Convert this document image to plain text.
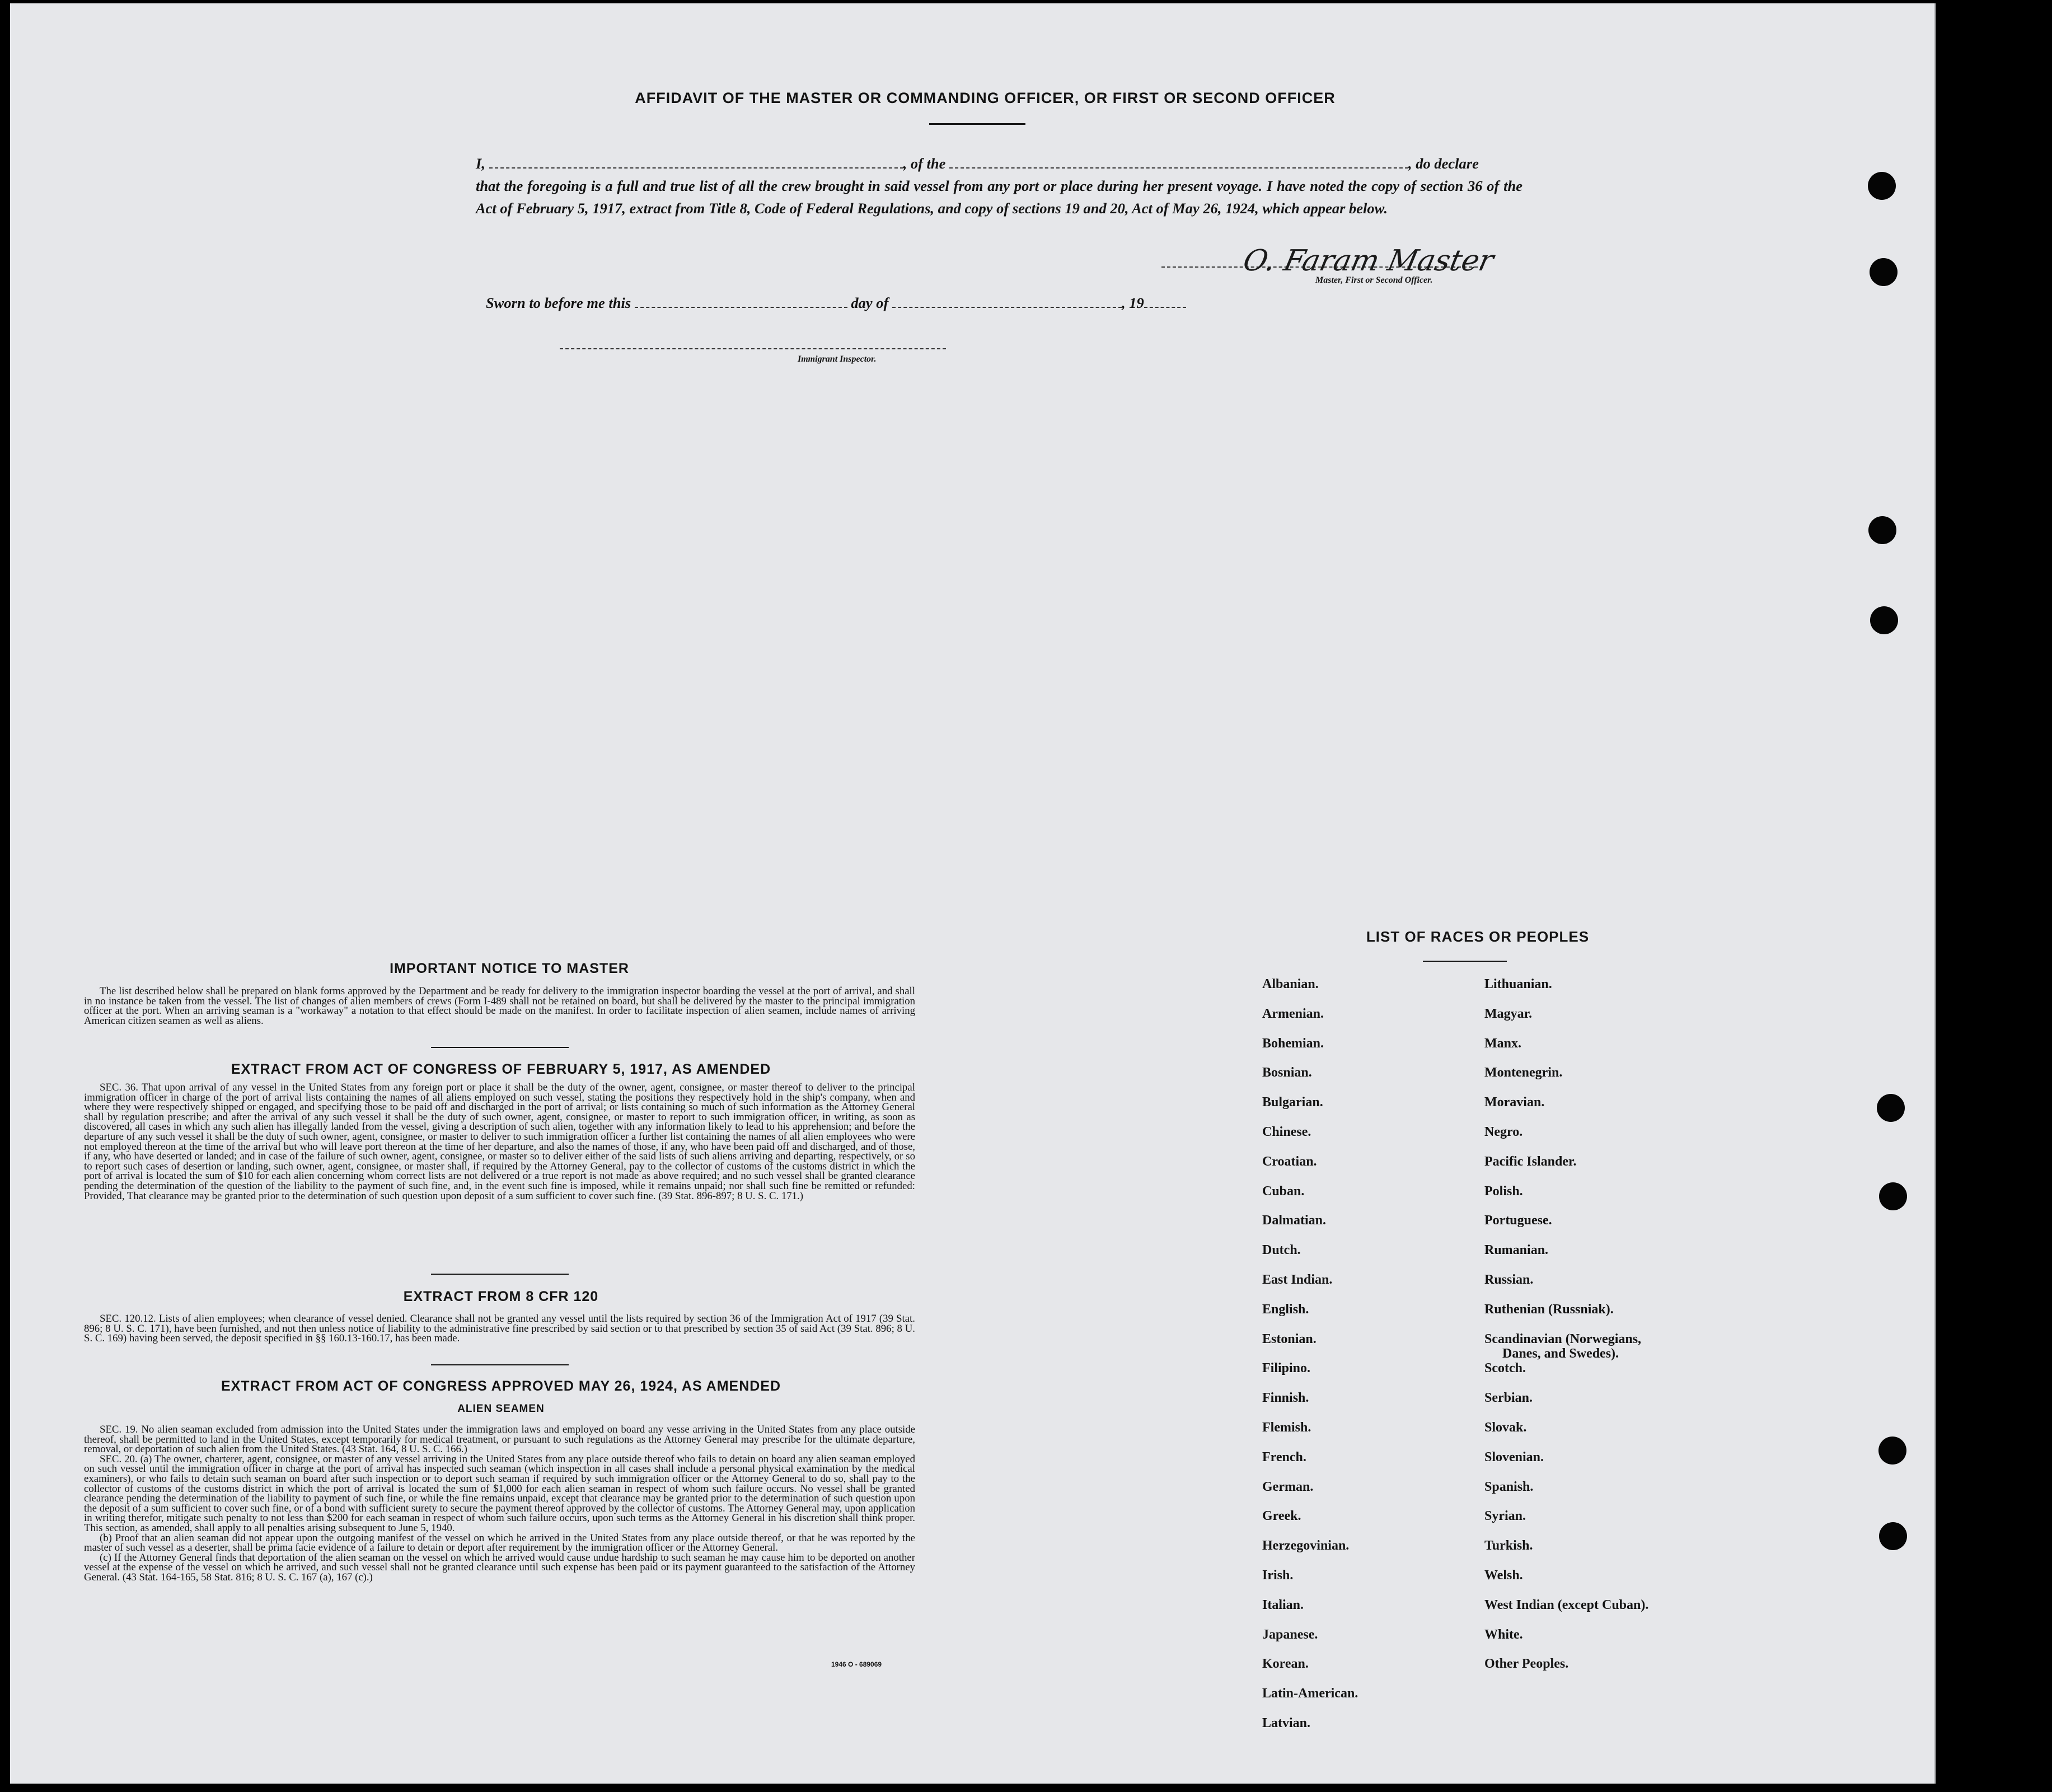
AFFIDAVIT OF THE MASTER OR COMMANDING OFFICER, OR FIRST OR SECOND OFFICER

I,	, of the	, do declare

that the foregoing is a full and true list of all the crew brought in said vessel from any port or place during her present voyage. I have noted the copy of section 36 of the Act of February 5, 1917, extract from Title 8, Code of Federal Regulations, and copy of sections 19 and 20, Act of May 26, 1924, which appear below.

O. Faram Master
Master, First or Second Officer.
Sworn to before me this	day of	, 19
Immigrant Inspector.
IMPORTANT NOTICE TO MASTER

The list described below shall be prepared on blank forms approved by the Department and be ready for delivery to the immigration inspector boarding the vessel at the port of arrival, and shall in no instance be taken from the vessel. The list of changes of alien members of crews (Form I-489 shall not be retained on board, but shall be delivered by the master to the principal immigration officer at the port. When an arriving seaman is a "workaway" a notation to that effect should be made on the manifest. In order to facilitate inspection of alien seamen, include names of arriving American citizen seamen as well as aliens.

EXTRACT FROM ACT OF CONGRESS OF FEBRUARY 5, 1917, AS AMENDED

SEC. 36. That upon arrival of any vessel in the United States from any foreign port or place it shall be the duty of the owner, agent, consignee, or master thereof to deliver to the principal immigration officer in charge of the port of arrival lists containing the names of all aliens employed on such vessel, stating the positions they respectively hold in the ship's company, when and where they were respectively shipped or engaged, and specifying those to be paid off and discharged in the port of arrival; or lists containing so much of such information as the Attorney General shall by regulation prescribe; and after the arrival of any such vessel it shall be the duty of such owner, agent, consignee, or master to report to such immigration officer, in writing, as soon as discovered, all cases in which any such alien has illegally landed from the vessel, giving a description of such alien, together with any information likely to lead to his apprehension; and before the departure of any such vessel it shall be the duty of such owner, agent, consignee, or master to deliver to such immigration officer a further list containing the names of all alien employees who were not employed thereon at the time of the arrival but who will leave port thereon at the time of her departure, and also the names of those, if any, who have been paid off and discharged, and of those, if any, who have deserted or landed; and in case of the failure of such owner, agent, consignee, or master so to deliver either of the said lists of such aliens arriving and departing, respectively, or so to report such cases of desertion or landing, such owner, agent, consignee, or master shall, if required by the Attorney General, pay to the collector of customs of the customs district in which the port of arrival is located the sum of $10 for each alien concerning whom correct lists are not delivered or a true report is not made as above required; and no such vessel shall be granted clearance pending the determination of the question of the liability to the payment of such fine, and, in the event such fine is imposed, while it remains unpaid; nor shall such fine be remitted or refunded: Provided, That clearance may be granted prior to the determination of such question upon deposit of a sum sufficient to cover such fine. (39 Stat. 896-897; 8 U. S. C. 171.)

EXTRACT FROM 8 CFR 120

SEC. 120.12. Lists of alien employees; when clearance of vessel denied. Clearance shall not be granted any vessel until the lists required by section 36 of the Immigration Act of 1917 (39 Stat. 896; 8 U. S. C. 171), have been furnished, and not then unless notice of liability to the administrative fine prescribed by said section or to that prescribed by section 35 of said Act (39 Stat. 896; 8 U. S. C. 169) having been served, the deposit specified in §§ 160.13-160.17, has been made.

EXTRACT FROM ACT OF CONGRESS APPROVED MAY 26, 1924, AS AMENDED
ALIEN SEAMEN

SEC. 19. No alien seaman excluded from admission into the United States under the immigration laws and employed on board any vesse arriving in the United States from any place outside thereof, shall be permitted to land in the United States, except temporarily for medical treatment, or pursuant to such regulations as the Attorney General may prescribe for the ultimate departure, removal, or deportation of such alien from the United States. (43 Stat. 164, 8 U. S. C. 166.)

SEC. 20. (a) The owner, charterer, agent, consignee, or master of any vessel arriving in the United States from any place outside thereof who fails to detain on board any alien seaman employed on such vessel until the immigration officer in charge at the port of arrival has inspected such seaman (which inspection in all cases shall include a personal physical examination by the medical examiners), or who fails to detain such seaman on board after such inspection or to deport such seaman if required by such immigration officer or the Attorney General to do so, shall pay to the collector of customs of the customs district in which the port of arrival is located the sum of $1,000 for each alien seaman in respect of whom such failure occurs. No vessel shall be granted clearance pending the determination of the liability to payment of such fine, or while the fine remains unpaid, except that clearance may be granted prior to the determination of such question upon the deposit of a sum sufficient to cover such fine, or of a bond with sufficient surety to secure the payment thereof approved by the collector of customs. The Attorney General may, upon application in writing therefor, mitigate such penalty to not less than $200 for each seaman in respect of whom such failure occurs, upon such terms as the Attorney General in his discretion shall think proper. This section, as amended, shall apply to all penalties arising subsequent to June 5, 1940.

(b) Proof that an alien seaman did not appear upon the outgoing manifest of the vessel on which he arrived in the United States from any place outside thereof, or that he was reported by the master of such vessel as a deserter, shall be prima facie evidence of a failure to detain or deport after requirement by the immigration officer or the Attorney General.

(c) If the Attorney General finds that deportation of the alien seaman on the vessel on which he arrived would cause undue hardship to such seaman he may cause him to be deported on another vessel at the expense of the vessel on which he arrived, and such vessel shall not be granted clearance until such expense has been paid or its payment guaranteed to the satisfaction of the Attorney General. (43 Stat. 164-165, 58 Stat. 816; 8 U. S. C. 167 (a), 167 (c).)

1946 O - 689069
LIST OF RACES OR PEOPLES
Albanian.
Armenian.
Bohemian.
Bosnian.
Bulgarian.
Chinese.
Croatian.
Cuban.
Dalmatian.
Dutch.
East Indian.
English.
Estonian.
Filipino.
Finnish.
Flemish.
French.
German.
Greek.
Herzegovinian.
Irish.
Italian.
Japanese.
Korean.
Latin-American.
Latvian.
Lithuanian.
Magyar.
Manx.
Montenegrin.
Moravian.
Negro.
Pacific Islander.
Polish.
Portuguese.
Rumanian.
Russian.
Ruthenian (Russniak).
Scandinavian (Norwegians,
Danes, and Swedes).
Scotch.
Serbian.
Slovak.
Slovenian.
Spanish.
Syrian.
Turkish.
Welsh.
West Indian (except Cuban).
White.
Other Peoples.
